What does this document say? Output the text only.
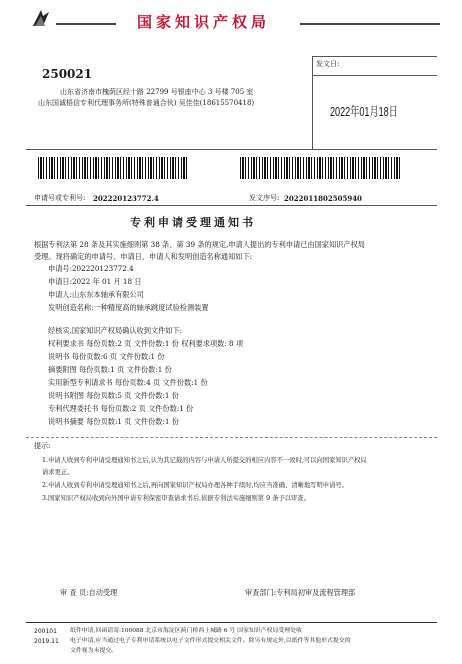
国家知识产权局
250021
山东省济南市槐荫区经十路 22799 号银座中心 3 号楼 705 室
山东国诚梧信专利代理事务所(特殊普通合伙) 吴佳佳(18615570418)
发文日:
2022年01月18日
申请号或专利号: 202220123772.4	发文序号: 2022011802505940
专利申请受理通知书
根据专利法第 28 条及其实施细则第 38 条、第 39 条的规定,申请人提出的专利申请已由国家知识产权局
受理。现将确定的申请号、申请日、申请人和发明创造名称通知如下:
申请号:202220123772.4
申请日:2022 年 01 月 18 日
申请人:山东东本轴承有限公司
发明创造名称:一种精度高的轴承跳度试验检测装置
经核实,国家知识产权局确认收到文件如下:
权利要求书 每份页数:2 页 文件份数:1 份 权利要求项数: 8 项
说明书 每份页数:6 页 文件份数:1 份
摘要附图 每份页数:1 页 文件份数:1 份
实用新型专利请求书 每份页数:4 页 文件份数:1 份
说明书附图 每份页数:5 页 文件份数:1 份
专利代理委托书 每份页数:2 页 文件份数:1 份
说明书摘要 每份页数:1 页 文件份数:1 份
提示:
1.申请人收到专利申请受理通知书之后,认为其记载的内容与申请人所提交的相应内容不一致时,可以向国家知识产权局
请求更正。
2.申请人收到专利申请受理通知书之后,再向国家知识产权局办理各种手续时,均应当准确、清晰地写明申请号。
3.国家知识产权局收到向外国申请专利保密审查请求书后,依据专利法实施细则第 9 条予以审查。
审 查 员:自动受理	审查部门:专利局初审及流程管理部
200101
2019.11
纸件申请,回函请寄:100088 北京市海淀区蓟门桥西土城路 6 号 国家知识产权局受理处收
电子申请,应当通过电子专利申请系统以电子文件形式提交相关文件。除另有规定外,以纸件等其他形式提交的
文件视为未提交。
